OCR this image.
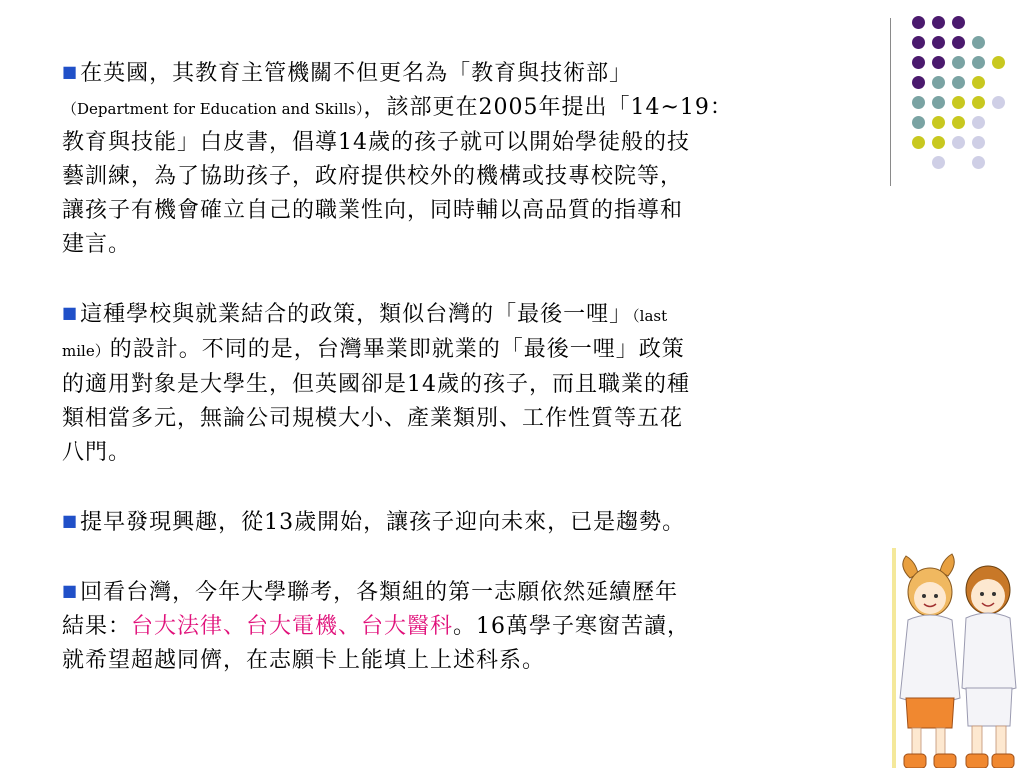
■在英國，其教育主管機關不但更名為「教育與技術部」
（Department for Education and Skills），該部更在2005年提出「14~19：
教育與技能」白皮書，倡導14歲的孩子就可以開始學徒般的技
藝訓練，為了協助孩子，政府提供校外的機構或技專校院等，
讓孩子有機會確立自己的職業性向，同時輔以高品質的指導和
建言。
■這種學校與就業結合的政策，類似台灣的「最後一哩」（last
mile）的設計。不同的是，台灣畢業即就業的「最後一哩」政策
的適用對象是大學生，但英國卻是14歲的孩子，而且職業的種
類相當多元，無論公司規模大小、產業類別、工作性質等五花
八門。
■提早發現興趣，從13歲開始，讓孩子迎向未來，已是趨勢。
■回看台灣，今年大學聯考，各類組的第一志願依然延續歷年
結果：台大法律、台大電機、台大醫科。16萬學子寒窗苦讀，
就希望超越同儕，在志願卡上能填上上述科系。
